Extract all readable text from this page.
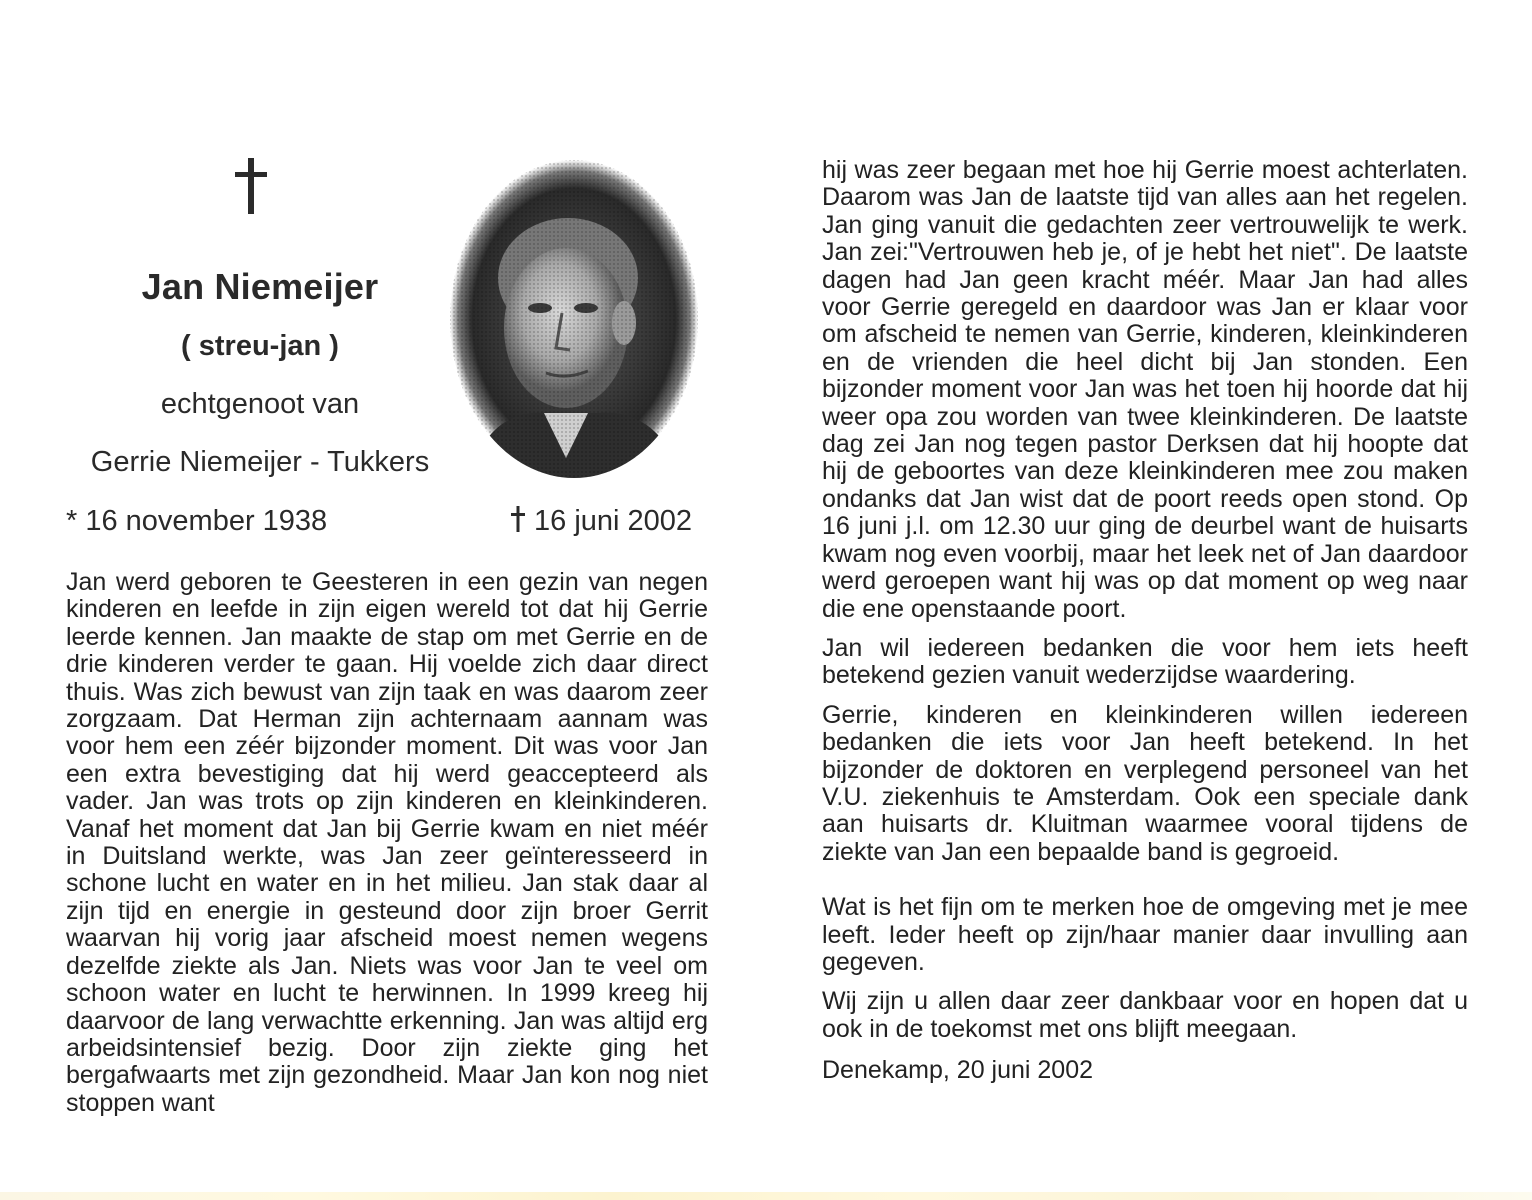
Jan Niemeijer
( streu-jan )
echtgenoot van
Gerrie Niemeijer - Tukkers
* 16 november 1938	16 juni 2002

Jan werd geboren te Geesteren in een gezin van negen kinderen en leefde in zijn eigen wereld tot dat hij Gerrie leerde kennen. Jan maakte de stap om met Gerrie en de drie kinderen verder te gaan. Hij voelde zich daar direct thuis. Was zich bewust van zijn taak en was daarom zeer zorgzaam. Dat Herman zijn achternaam aannam was voor hem een zéér bijzonder moment. Dit was voor Jan een extra bevestiging dat hij werd geaccepteerd als vader. Jan was trots op zijn kinderen en kleinkinderen. Vanaf het moment dat Jan bij Gerrie kwam en niet méér in Duitsland werkte, was Jan zeer geïnteresseerd in schone lucht en water en in het milieu. Jan stak daar al zijn tijd en energie in gesteund door zijn broer Gerrit waarvan hij vorig jaar afscheid moest nemen wegens dezelfde ziekte als Jan. Niets was voor Jan te veel om schoon water en lucht te herwinnen. In 1999 kreeg hij daarvoor de lang verwachtte erkenning. Jan was altijd erg arbeidsintensief bezig. Door zijn ziekte ging het bergafwaarts met zijn gezondheid. Maar Jan kon nog niet stoppen want

hij was zeer begaan met hoe hij Gerrie moest achterlaten. Daarom was Jan de laatste tijd van alles aan het regelen. Jan ging vanuit die gedachten zeer vertrouwelijk te werk. Jan zei:"Vertrouwen heb je, of je hebt het niet". De laatste dagen had Jan geen kracht méér. Maar Jan had alles voor Gerrie geregeld en daardoor was Jan er klaar voor om afscheid te nemen van Gerrie, kinderen, kleinkinderen en de vrienden die heel dicht bij Jan stonden. Een bijzonder moment voor Jan was het toen hij hoorde dat hij weer opa zou worden van twee kleinkinderen. De laatste dag zei Jan nog tegen pastor Derksen dat hij hoopte dat hij de geboortes van deze kleinkinderen mee zou maken ondanks dat Jan wist dat de poort reeds open stond. Op 16 juni j.l. om 12.30 uur ging de deurbel want de huisarts kwam nog even voorbij, maar het leek net of Jan daardoor werd geroepen want hij was op dat moment op weg naar die ene openstaande poort.

Jan wil iedereen bedanken die voor hem iets heeft betekend gezien vanuit wederzijdse waardering.

Gerrie, kinderen en kleinkinderen willen iedereen bedanken die iets voor Jan heeft betekend. In het bijzonder de doktoren en verplegend personeel van het V.U. ziekenhuis te Amsterdam. Ook een speciale dank aan huisarts dr. Kluitman waarmee vooral tijdens de ziekte van Jan een bepaalde band is gegroeid.

Wat is het fijn om te merken hoe de omgeving met je mee leeft. Ieder heeft op zijn/haar manier daar invulling aan gegeven.

Wij zijn u allen daar zeer dankbaar voor en hopen dat u ook in de toekomst met ons blijft meegaan.

Denekamp, 20 juni 2002
